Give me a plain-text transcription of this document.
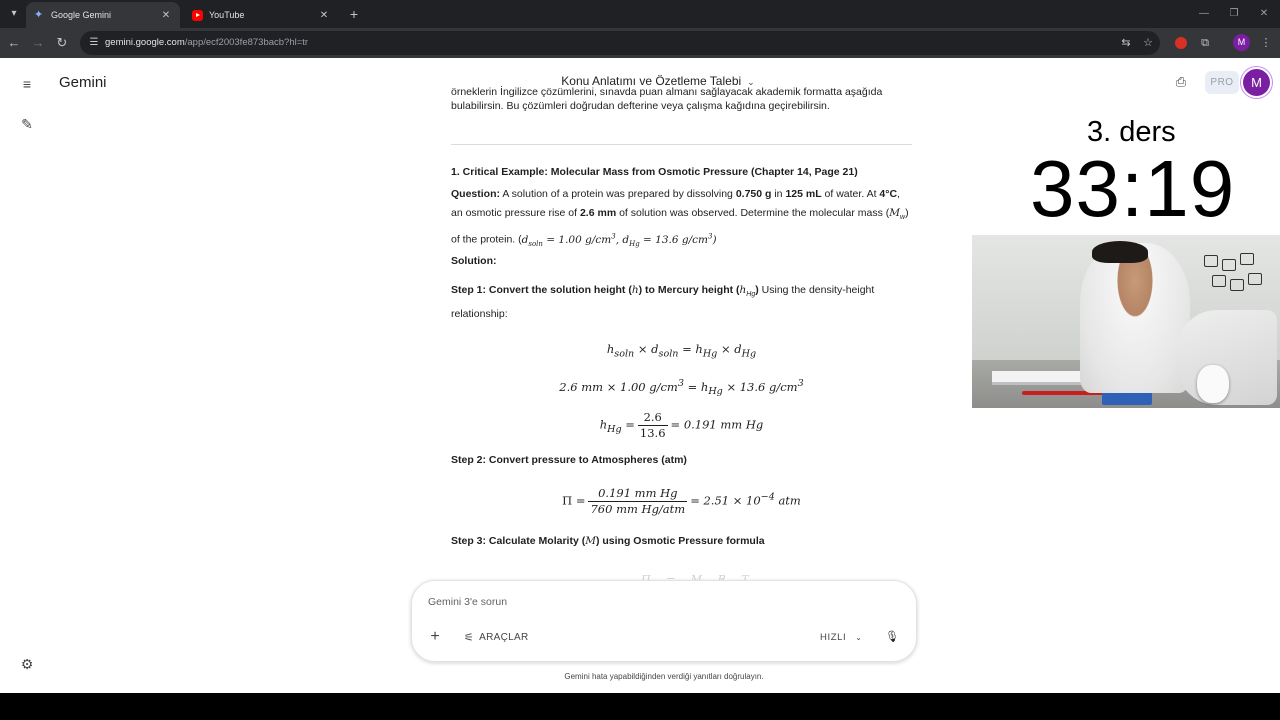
▾	✦ Google Gemini	✕	YouTube	✕ +	—	❐	✕
← → ↻	☰ gemini.google.com/app/ecf2003fe873bacb?hl=tr	⇆	☆	⧉	M	⋮
≡
✎
⚙
Gemini	Konu Anlatımı ve Özetleme Talebi ⌄	⎙	PRO	M
örneklerin İngilizce çözümlerini, sınavda puan almanı sağlayacak akademik formatta aşağıda
bulabilirsin. Bu çözümleri doğrudan defterine veya çalışma kağıdına geçirebilirsin.
1. Critical Example: Molecular Mass from Osmotic Pressure (Chapter 14, Page 21)
Question: A solution of a protein was prepared by dissolving 0.750 g in 125 mL of water. At 4°C, an osmotic pressure rise of 2.6 mm of solution was observed. Determine the molecular mass $(M_w)$ of the protein. ($d_{soln} = 1.00$ $g/cm^3$, $d_{Hg} = 13.6$ $g/cm^3$)
Solution:
Step 1: Convert the solution height (h) to Mercury height $(h_{Hg})$ Using the density-height relationship:
$h_{soln} \times d_{soln} = h_{Hg} \times d_{Hg}$
2.6 mm × 1.00 $g/cm^3 = h_{Hg} \times 13.6$ $g/cm^3$
$h_{Hg} = \frac{2.6}{13.6} = 0.191$ mm Hg
Step 2: Convert pressure to Atmospheres (atm)
$\Pi = \frac{\text{0.191 mm Hg}}{\text{760 mm Hg/atm}} = 2.51 \times 10^{-4}$ atm
Step 3: Calculate Molarity (M) using Osmotic Pressure formula
Gemini 3'e sorun
+	⚟ ARAÇLAR	HIZLI ⌄ 🎙
Gemini hata yapabildiğinden verdiği yanıtları doğrulayın.
3. ders
33:19
